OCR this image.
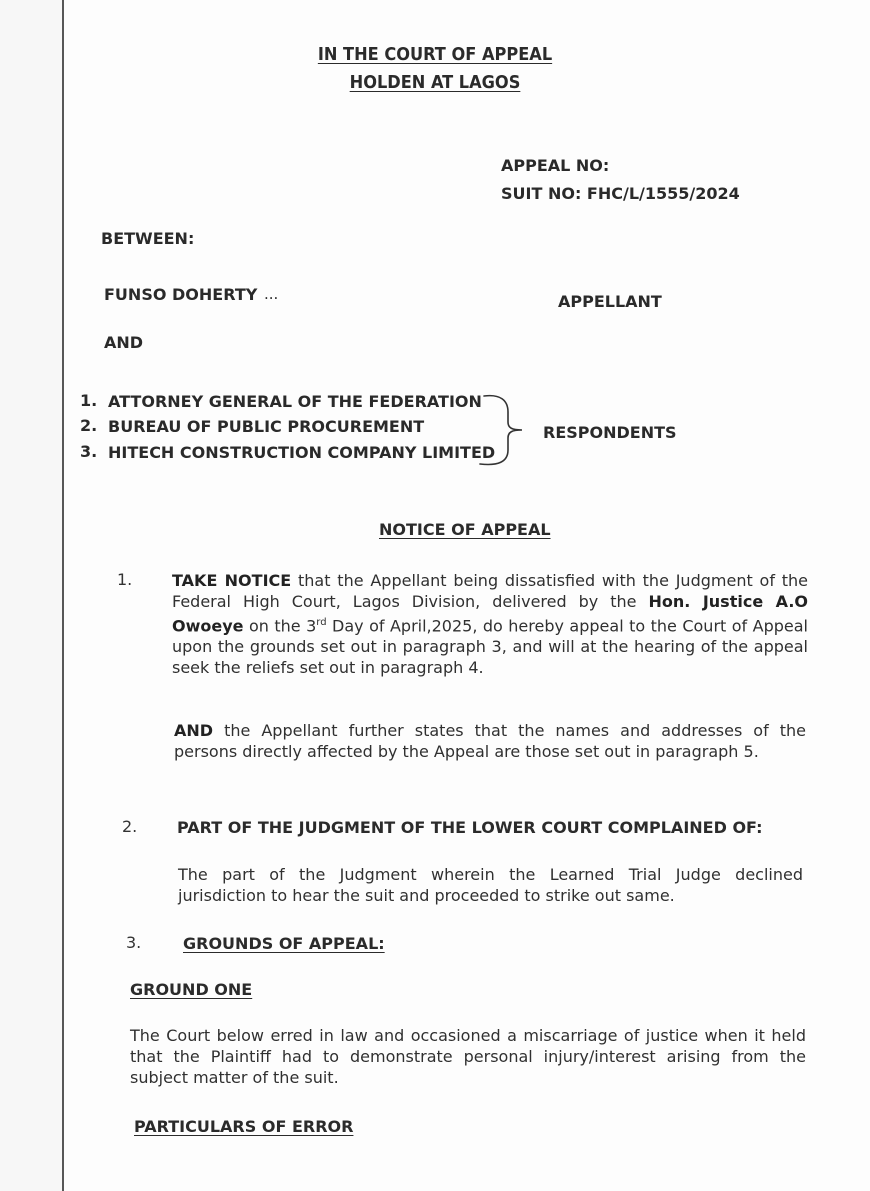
IN THE COURT OF APPEAL
HOLDEN AT LAGOS
APPEAL NO:
SUIT NO: FHC/L/1555/2024
BETWEEN:
FUNSO DOHERTY ...	APPELLANT
AND
1. ATTORNEY GENERAL OF THE FEDERATION
2. BUREAU OF PUBLIC PROCUREMENT
3. HITECH CONSTRUCTION COMPANY LIMITED
RESPONDENTS
NOTICE OF APPEAL
1. TAKE NOTICE that the Appellant being dissatisfied with the Judgment of the Federal High Court, Lagos Division, delivered by the Hon. Justice A.O Owoeye on the 3rd Day of April,2025, do hereby appeal to the Court of Appeal upon the grounds set out in paragraph 3, and will at the hearing of the appeal seek the reliefs set out in paragraph 4.
AND the Appellant further states that the names and addresses of the persons directly affected by the Appeal are those set out in paragraph 5.
2. PART OF THE JUDGMENT OF THE LOWER COURT COMPLAINED OF:
The part of the Judgment wherein the Learned Trial Judge declined jurisdiction to hear the suit and proceeded to strike out same.
3.	GROUNDS OF APPEAL:
GROUND ONE
The Court below erred in law and occasioned a miscarriage of justice when it held that the Plaintiff had to demonstrate personal injury/interest arising from the subject matter of the suit.
PARTICULARS OF ERROR
